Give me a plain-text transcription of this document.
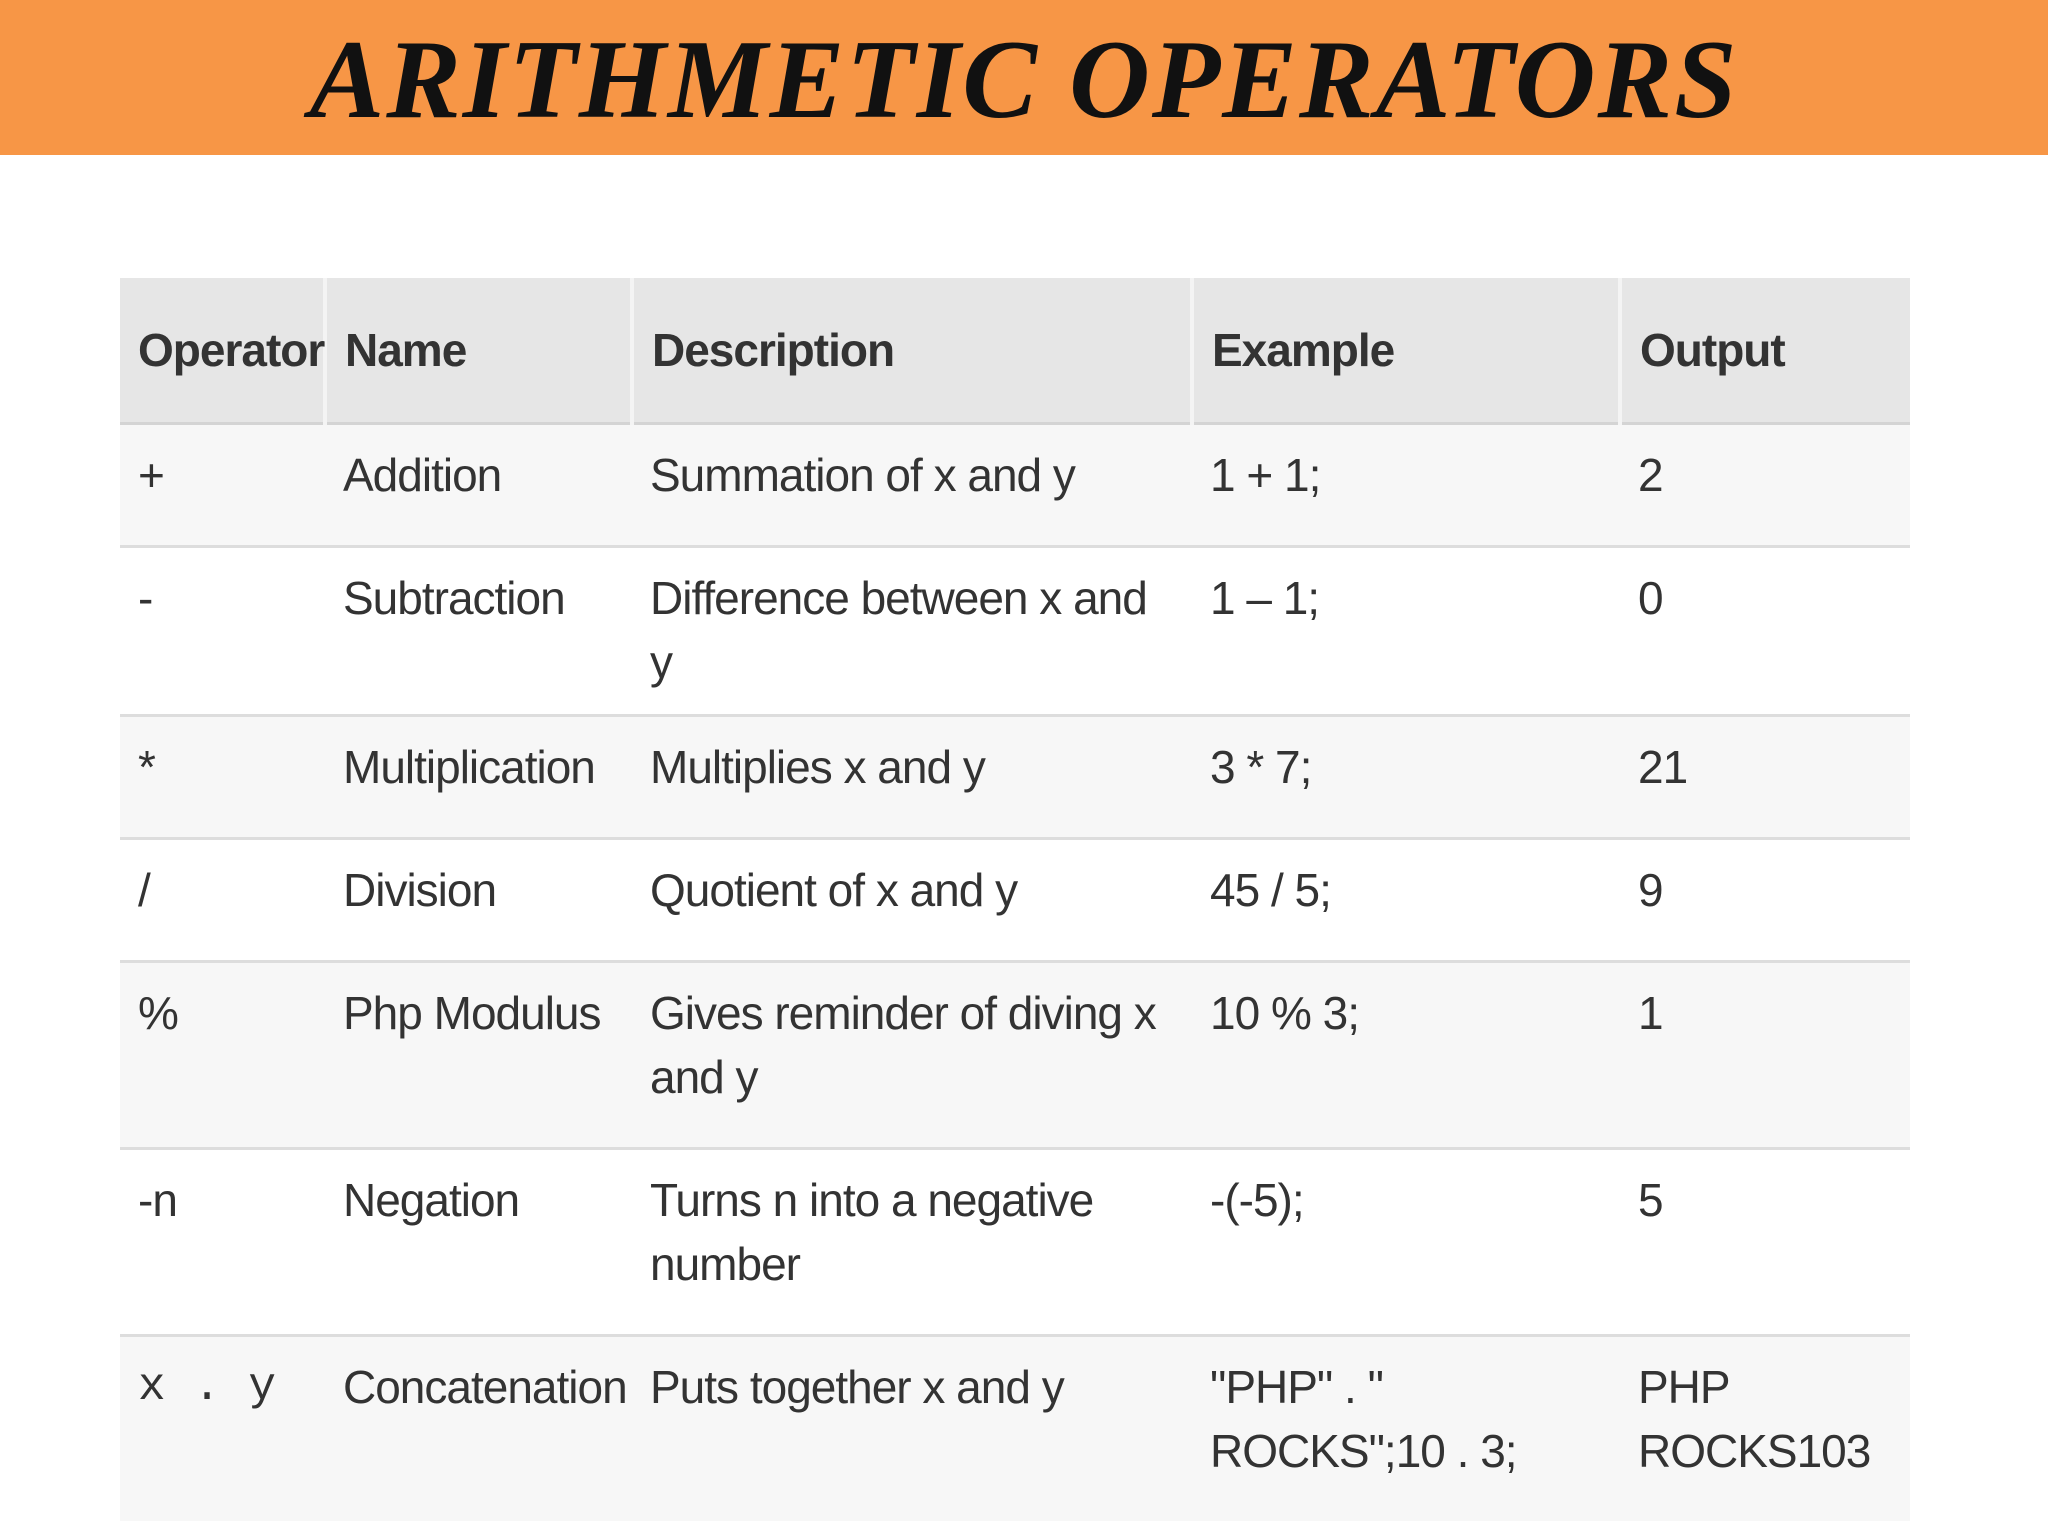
ARITHMETIC OPERATORS
Operator	Name	Description	Example	Output
+	Addition	Summation of x and y	1 + 1;	2
-	Subtraction	Difference between x and y	1 – 1;	0
*	Multiplication	Multiplies x and y	3 * 7;	21
/	Division	Quotient of x and y	45 / 5;	9
%	Php Modulus	Gives reminder of diving x and y	10 % 3;	1
-n	Negation	Turns n into a negative number	-(-5);	5
x . y	Concatenation	Puts together x and y	"PHP" . " ROCKS";10 . 3;	PHP ROCKS103
